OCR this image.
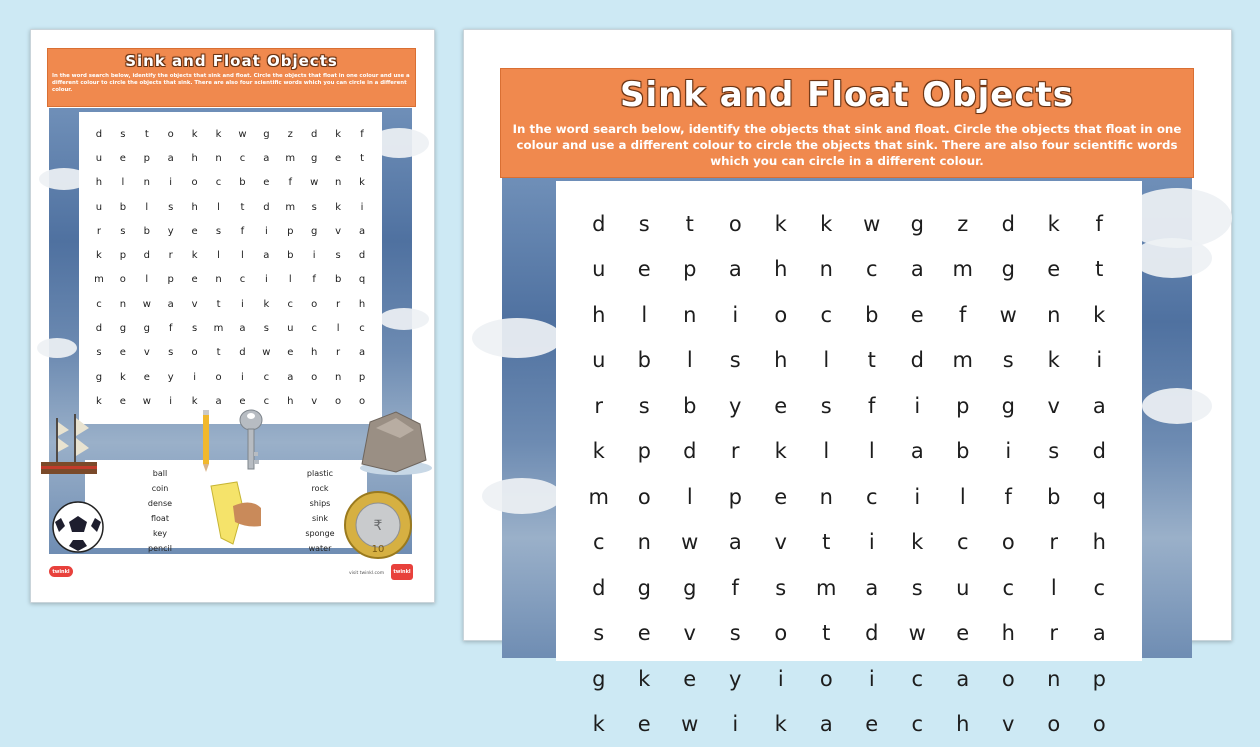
Sink and Float Objects

In the word search below, identify the objects that sink and float. Circle the objects that float in one colour and use a different colour to circle the objects that sink. There are also four scientific words which you can circle in a different colour.

d	s	t	o	k	k	w	g	z	d	k	f
u	e	p	a	h	n	c	a	m	g	e	t
h	l	n	i	o	c	b	e	f	w	n	k
u	b	l	s	h	l	t	d	m	s	k	i
r	s	b	y	e	s	f	i	p	g	v	a
k	p	d	r	k	l	l	a	b	i	s	d
m	o	l	p	e	n	c	i	l	f	b	q
c	n	w	a	v	t	i	k	c	o	r	h
d	g	g	f	s	m	a	s	u	c	l	c
s	e	v	s	o	t	d	w	e	h	r	a
g	k	e	y	i	o	i	c	a	o	n	p
k	e	w	i	k	a	e	c	h	v	o	o
ball
coin
dense
float
key
pencil
plastic
rock
ships
sink
sponge
water
₹
10
twinkl	visit twinkl.com	twinkl
Sink and Float Objects

In the word search below, identify the objects that sink and float. Circle the objects that float in one colour and use a different colour to circle the objects that sink. There are also four scientific words which you can circle in a different colour.

d	s	t	o	k	k	w	g	z	d	k	f
u	e	p	a	h	n	c	a	m	g	e	t
h	l	n	i	o	c	b	e	f	w	n	k
u	b	l	s	h	l	t	d	m	s	k	i
r	s	b	y	e	s	f	i	p	g	v	a
k	p	d	r	k	l	l	a	b	i	s	d
m	o	l	p	e	n	c	i	l	f	b	q
c	n	w	a	v	t	i	k	c	o	r	h
d	g	g	f	s	m	a	s	u	c	l	c
s	e	v	s	o	t	d	w	e	h	r	a
g	k	e	y	i	o	i	c	a	o	n	p
k	e	w	i	k	a	e	c	h	v	o	o
